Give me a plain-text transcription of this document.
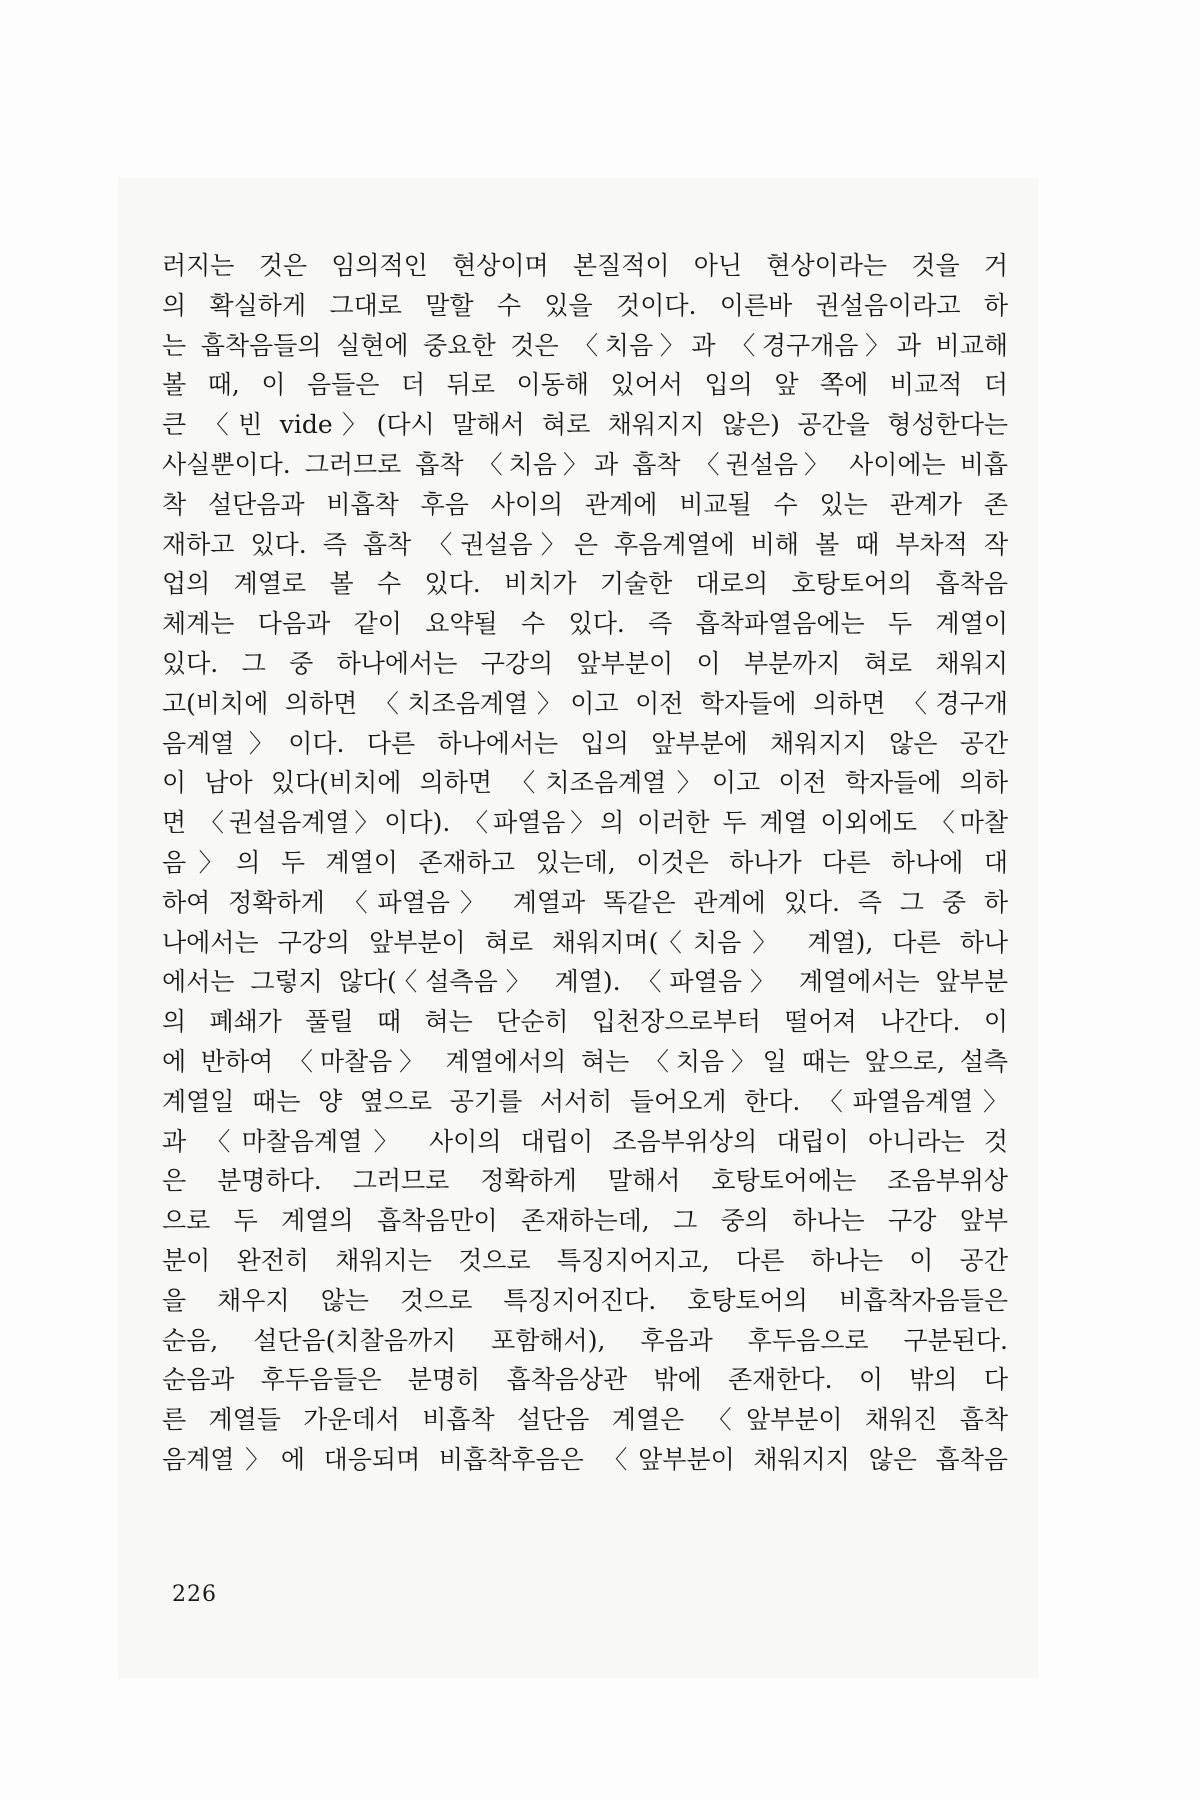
러지는 것은 임의적인 현상이며 본질적이 아닌 현상이라는 것을 거
의 확실하게 그대로 말할 수 있을 것이다. 이른바 권설음이라고 하
는 흡착음들의 실현에 중요한 것은 〈치음〉과 〈경구개음〉과 비교해
볼 때, 이 음들은 더 뒤로 이동해 있어서 입의 앞 쪽에 비교적 더
큰 〈빈 vide〉(다시 말해서 혀로 채워지지 않은) 공간을 형성한다는
사실뿐이다. 그러므로 흡착 〈치음〉과 흡착 〈권설음〉 사이에는 비흡
착 설단음과 비흡착 후음 사이의 관계에 비교될 수 있는 관계가 존
재하고 있다. 즉 흡착 〈권설음〉은 후음계열에 비해 볼 때 부차적 작
업의 계열로 볼 수 있다. 비치가 기술한 대로의 호탕토어의 흡착음
체계는 다음과 같이 요약될 수 있다. 즉 흡착파열음에는 두 계열이
있다. 그 중 하나에서는 구강의 앞부분이 이 부분까지 혀로 채워지
고(비치에 의하면 〈치조음계열〉이고 이전 학자들에 의하면 〈경구개
음계열〉이다. 다른 하나에서는 입의 앞부분에 채워지지 않은 공간
이 남아 있다(비치에 의하면 〈치조음계열〉이고 이전 학자들에 의하
면 〈권설음계열〉이다). 〈파열음〉의 이러한 두 계열 이외에도 〈마찰
음〉의 두 계열이 존재하고 있는데, 이것은 하나가 다른 하나에 대
하여 정확하게 〈파열음〉 계열과 똑같은 관계에 있다. 즉 그 중 하
나에서는 구강의 앞부분이 혀로 채워지며(〈치음〉 계열), 다른 하나
에서는 그렇지 않다(〈설측음〉 계열). 〈파열음〉 계열에서는 앞부분
의 폐쇄가 풀릴 때 혀는 단순히 입천장으로부터 떨어져 나간다. 이
에 반하여 〈마찰음〉 계열에서의 혀는 〈치음〉일 때는 앞으로, 설측
계열일 때는 양 옆으로 공기를 서서히 들어오게 한다. 〈파열음계열〉
과 〈마찰음계열〉 사이의 대립이 조음부위상의 대립이 아니라는 것
은 분명하다. 그러므로 정확하게 말해서 호탕토어에는 조음부위상
으로 두 계열의 흡착음만이 존재하는데, 그 중의 하나는 구강 앞부
분이 완전히 채워지는 것으로 특징지어지고, 다른 하나는 이 공간
을 채우지 않는 것으로 특징지어진다. 호탕토어의 비흡착자음들은
순음, 설단음(치찰음까지 포함해서), 후음과 후두음으로 구분된다.
순음과 후두음들은 분명히 흡착음상관 밖에 존재한다. 이 밖의 다
른 계열들 가운데서 비흡착 설단음 계열은 〈앞부분이 채워진 흡착
음계열〉에 대응되며 비흡착후음은 〈앞부분이 채워지지 않은 흡착음
226
